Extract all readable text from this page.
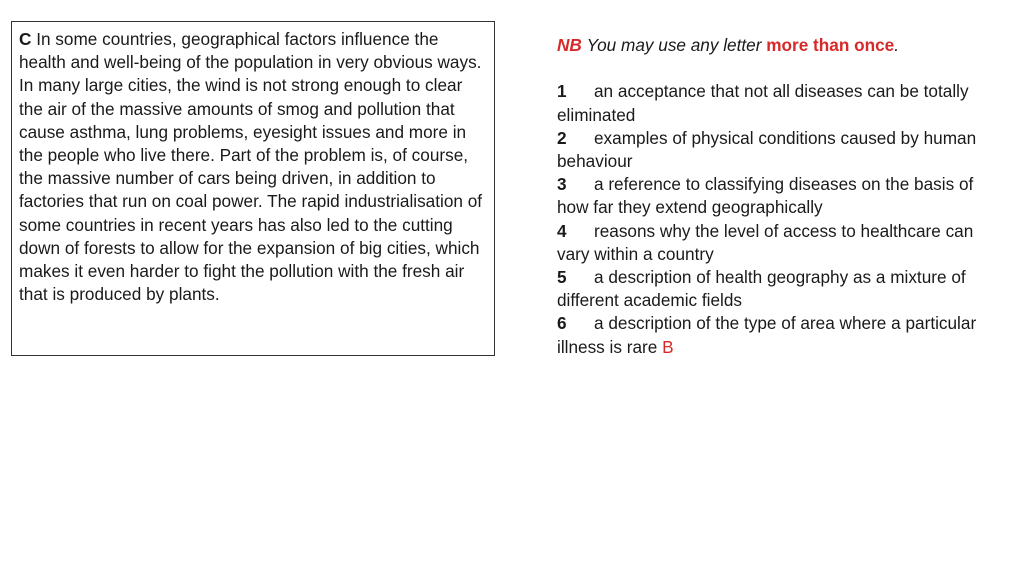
C In some countries, geographical factors influence the health and well-being of the population in very obvious ways. In many large cities, the wind is not strong enough to clear the air of the massive amounts of smog and pollution that cause asthma, lung problems, eyesight issues and more in the people who live there. Part of the problem is, of course, the massive number of cars being driven, in addition to factories that run on coal power. The rapid industrialisation of some countries in recent years has also led to the cutting down of forests to allow for the expansion of big cities, which makes it even harder to fight the pollution with the fresh air that is produced by plants.

NB You may use any letter more than once.

1 an acceptance that not all diseases can be totally eliminated

2 examples of physical conditions caused by human behaviour

3 a reference to classifying diseases on the basis of how far they extend geographically

4 reasons why the level of access to healthcare can vary within a country

5 a description of health geography as a mixture of different academic fields

6 a description of the type of area where a particular illness is rare B
